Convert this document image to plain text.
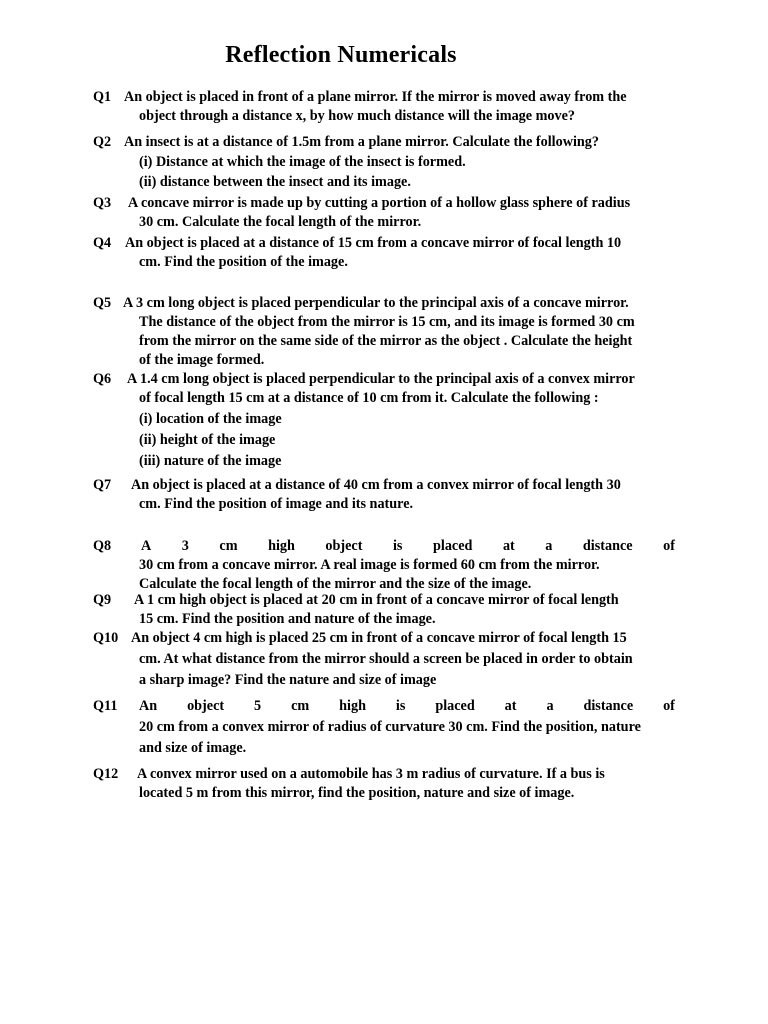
Reflection Numericals
Q1 An object is placed in front of a plane mirror. If the mirror is moved away from the
object through a distance x, by how much distance will the image move?
Q2 An insect is at a distance of 1.5m from a plane mirror. Calculate the following?
(i) Distance at which the image of the insect is formed.
(ii) distance between the insect and its image.
Q3	A concave mirror is made up by cutting a portion of a hollow glass sphere of radius
30 cm. Calculate the focal length of the mirror.
Q4 An object is placed at a distance of 15 cm from a concave mirror of focal length 10
cm. Find the position of the image.
Q5 A 3 cm long object is placed perpendicular to the principal axis of a concave mirror.
The distance of the object from the mirror is 15 cm, and its image is formed 30 cm
from the mirror on the same side of the mirror as the object . Calculate the height
of the image formed.
Q6	A 1.4 cm long object is placed perpendicular to the principal axis of a convex mirror
of focal length 15 cm at a distance of 10 cm from it. Calculate the following :
(i) location of the image
(ii) height of the image
(iii) nature of the image
Q7	An object is placed at a distance of 40 cm from a convex mirror of focal length 30
cm. Find the position of image and its nature.
Q8 A 3 cm high object is placed at a distance of
30 cm from a concave mirror. A real image is formed 60 cm from the mirror.
Calculate the focal length of the mirror and the size of the image.
Q9	A 1 cm high object is placed at 20 cm in front of a concave mirror of focal length
15 cm. Find the position and nature of the image.
Q10 An object 4 cm high is placed 25 cm in front of a concave mirror of focal length 15
cm. At what distance from the mirror should a screen be placed in order to obtain
a sharp image? Find the nature and size of image
Q11 An object 5 cm high is placed at a distance of
20 cm from a convex mirror of radius of curvature 30 cm. Find the position, nature
and size of image.
Q12	A convex mirror used on a automobile has 3 m radius of curvature. If a bus is
located 5 m from this mirror, find the position, nature and size of image.
